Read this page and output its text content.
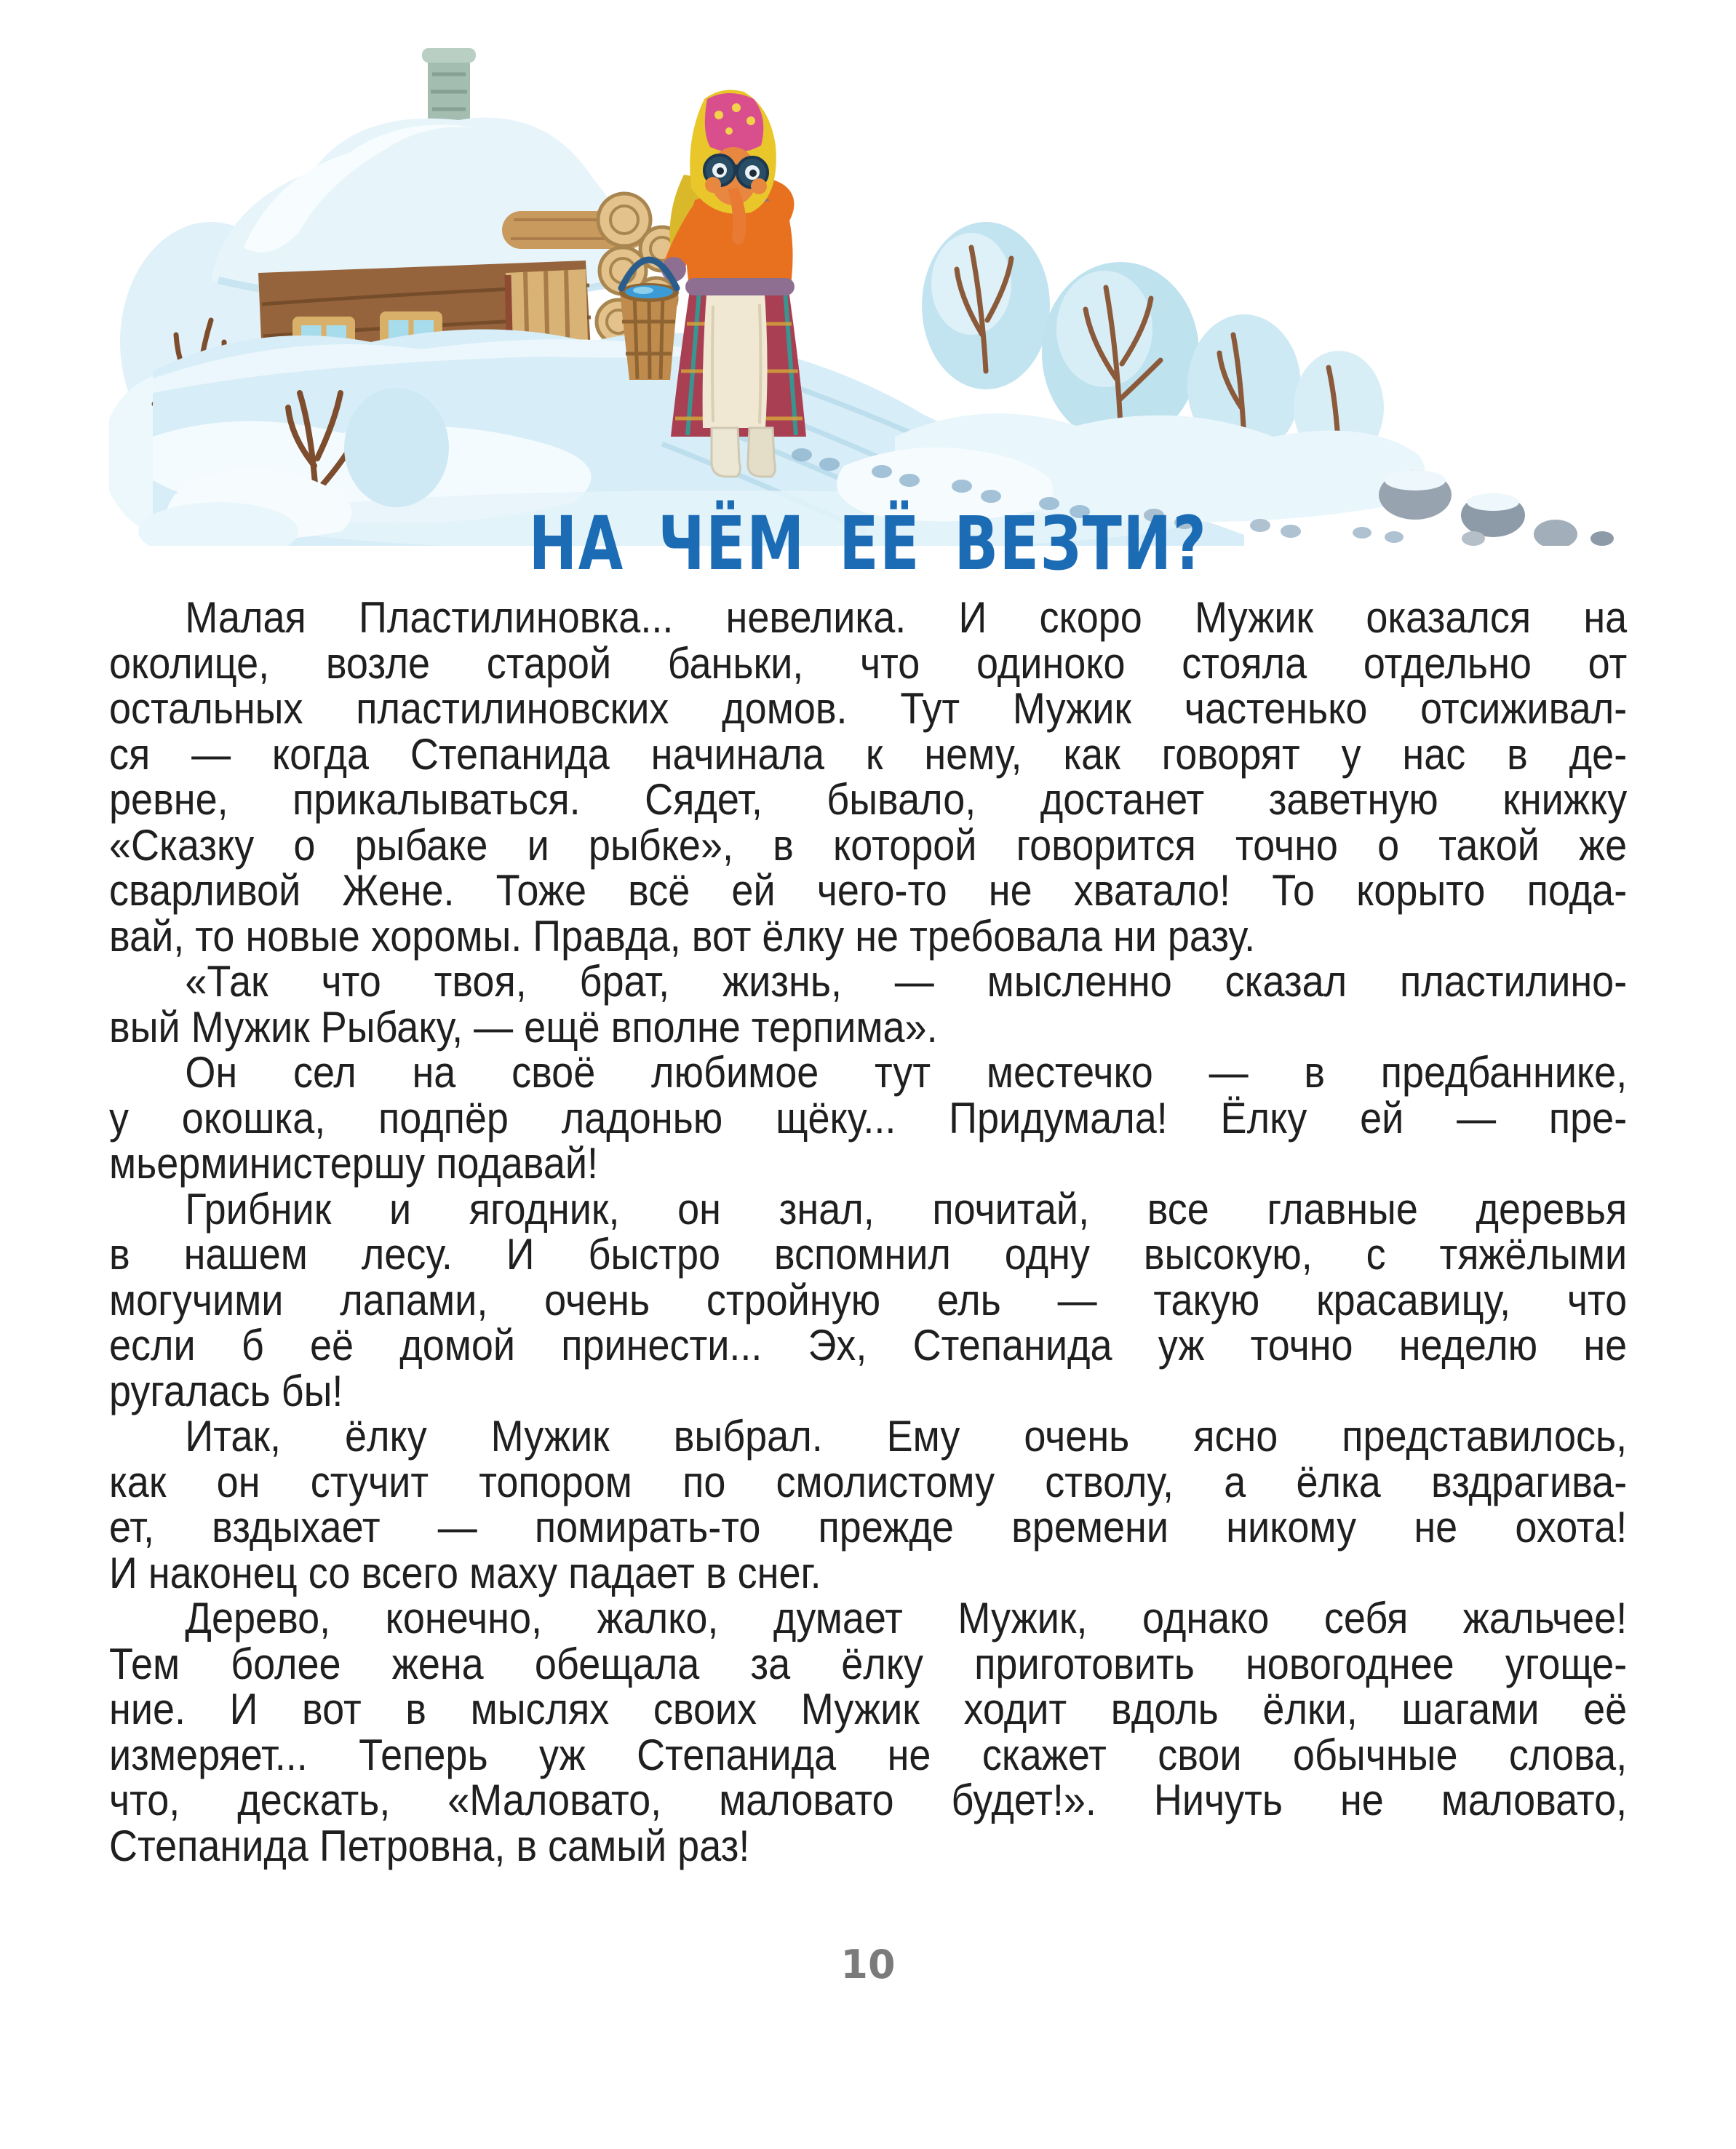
НА ЧЁМ ЕЁ ВЕЗТИ?
Малая Пластилиновка... невелика. И скоро Мужик оказался на
околице, возле старой баньки, что одиноко стояла отдельно от
остальных пластилиновских домов. Тут Мужик частенько отсиживал-
ся — когда Степанида начинала к нему, как говорят у нас в де-
ревне, прикалываться. Сядет, бывало, достанет заветную книжку
«Сказку о рыбаке и рыбке», в которой говорится точно о такой же
сварливой Жене. Тоже всё ей чего-то не хватало! То корыто пода-
вай, то новые хоромы. Правда, вот ёлку не требовала ни разу.
«Так что твоя, брат, жизнь, — мысленно сказал пластилино-
вый Мужик Рыбаку, — ещё вполне терпима».
Он сел на своё любимое тут местечко — в предбаннике,
у окошка, подпёр ладонью щёку... Придумала! Ёлку ей — пре-
мьерминистершу подавай!
Грибник и ягодник, он знал, почитай, все главные деревья
в нашем лесу. И быстро вспомнил одну высокую, с тяжёлыми
могучими лапами, очень стройную ель — такую красавицу, что
если б её домой принести... Эх, Степанида уж точно неделю не
ругалась бы!
Итак, ёлку Мужик выбрал. Ему очень ясно представилось,
как он стучит топором по смолистому стволу, а ёлка вздрагива-
ет, вздыхает — помирать-то прежде времени никому не охота!
И наконец со всего маху падает в снег.
Дерево, конечно, жалко, думает Мужик, однако себя жальчее!
Тем более жена обещала за ёлку приготовить новогоднее угоще-
ние. И вот в мыслях своих Мужик ходит вдоль ёлки, шагами её
измеряет... Теперь уж Степанида не скажет свои обычные слова,
что, дескать, «Маловато, маловато будет!». Ничуть не маловато,
Степанида Петровна, в самый раз!
10
